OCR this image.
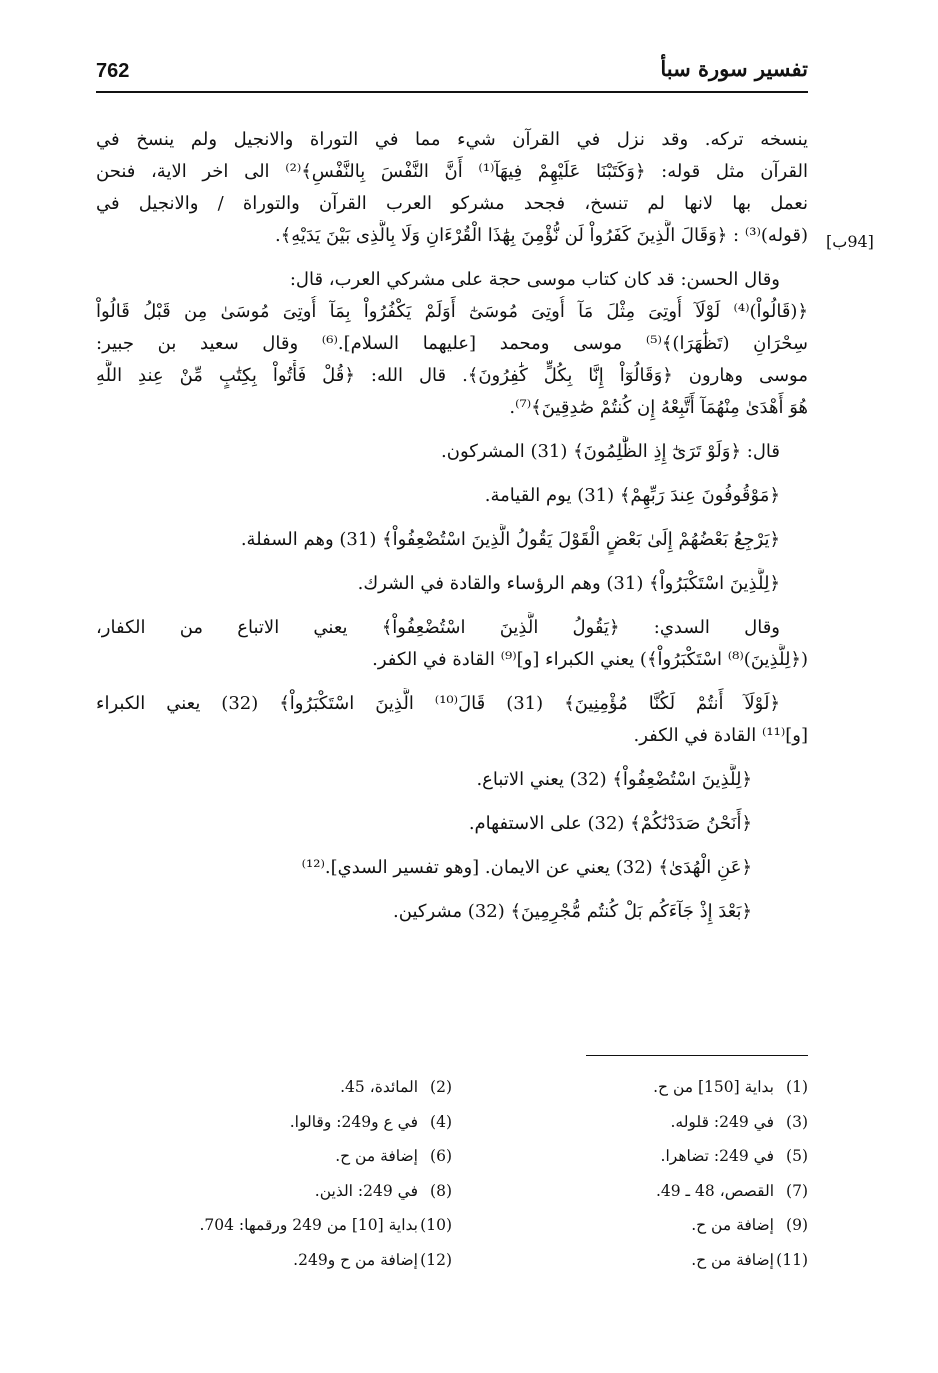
762	تفسير سورة سبأ
[94ب]
ينسخه تركه. وقد نزل في القرآن شيء مما في التوراة والانجيل ولم ينسخ في
القرآن مثل قوله: ﴿وَكَتَبْنَا عَلَيْهِمْ فِيهَآ⁽¹⁾ أَنَّ النَّفْسَ بِالنَّفْسِ﴾⁽²⁾ الى اخر الاية، فنحن
نعمل بها لانها لم تنسخ، فجحد مشركو العرب القرآن والتوراة / والانجيل في
(قوله)⁽³⁾ : ﴿وَقَالَ الَّذِينَ كَفَرُواْ لَن نُّؤْمِنَ بِهَٰذَا الْقُرْءَانِ وَلَا بِالَّذِى بَيْنَ يَدَيْهِ﴾.
وقال الحسن: قد كان كتاب موسى حجة على مشركي العرب، قال:
﴿(قَالُواْ)⁽⁴⁾ لَوْلَآ أُوتِىَ مِثْلَ مَآ أُوتِىَ مُوسَىٰٓ أَوَلَمْ يَكْفُرُواْ بِمَآ أُوتِىَ مُوسَىٰ مِن قَبْلُ قَالُواْ
سِحْرَانِ (تَظَٰهَرَا)﴾⁽⁵⁾ موسى ومحمد [عليهما السلام].⁽⁶⁾ وقال سعيد بن جبير:
موسى وهارون ﴿وَقَالُوٓاْ إِنَّا بِكُلٍّ كَٰفِرُونَ﴾. قال الله: ﴿قُلْ فَأْتُواْ بِكِتَٰبٍ مِّنْ عِندِ اللَّهِ
هُوَ أَهْدَىٰ مِنْهُمَآ أَتَّبِعْهُ إِن كُنتُمْ صَٰدِقِينَ﴾⁽⁷⁾.
قال: ﴿وَلَوْ تَرَىٰٓ إِذِ الظَّٰلِمُونَ﴾ (31) المشركون.
﴿مَوْقُوفُونَ عِندَ رَبِّهِمْ﴾ (31) يوم القيامة.
﴿يَرْجِعُ بَعْضُهُمْ إِلَىٰ بَعْضٍ الْقَوْلَ يَقُولُ الَّذِينَ اسْتُضْعِفُواْ﴾ (31) وهم السفلة.
﴿لِلَّذِينَ اسْتَكْبَرُواْ﴾ (31) وهم الرؤساء والقادة في الشرك.
وقال السدي: ﴿يَقُولُ الَّذِينَ اسْتُضْعِفُواْ﴾ يعني الاتباع من الكفار،
(﴿لِلَّذِينَ)⁽⁸⁾ اسْتَكْبَرُواْ﴾) يعني الكبراء [و]⁽⁹⁾ القادة في الكفر.
﴿لَوْلَآ أَنتُمْ لَكُنَّا مُؤْمِنِينَ﴾ (31) قَالَ⁽¹⁰⁾ الَّذِينَ اسْتَكْبَرُواْ﴾ (32) يعني الكبراء
[و]⁽¹¹⁾ القادة في الكفر.
﴿لِلَّذِينَ اسْتُضْعِفُواْ﴾ (32) يعني الاتباع.
﴿أَنَحْنُ صَدَدْنَٰكُمْ﴾ (32) على الاستفهام.
﴿عَنِ الْهُدَىٰ﴾ (32) يعني عن الايمان. [وهو تفسير السدي].⁽¹²⁾
﴿بَعْدَ إِذْ جَآءَكُم بَلْ كُنتُم مُّجْرِمِينَ﴾ (32) مشركين.
(1)بداية [150] من ح.
(2)المائدة، 45.
(3)في 249: قلوله.
(4)في ع و249: وقالوا.
(5)في 249: تضاهرا.
(6)إضافة من ح.
(7)القصص، 48 ـ 49.
(8)في 249: الذين.
(9)إضافة من ح.
(10)بداية [10] من 249 ورقمها: 704.
(11)إضافة من ح.
(12)إضافة من ح و249.
